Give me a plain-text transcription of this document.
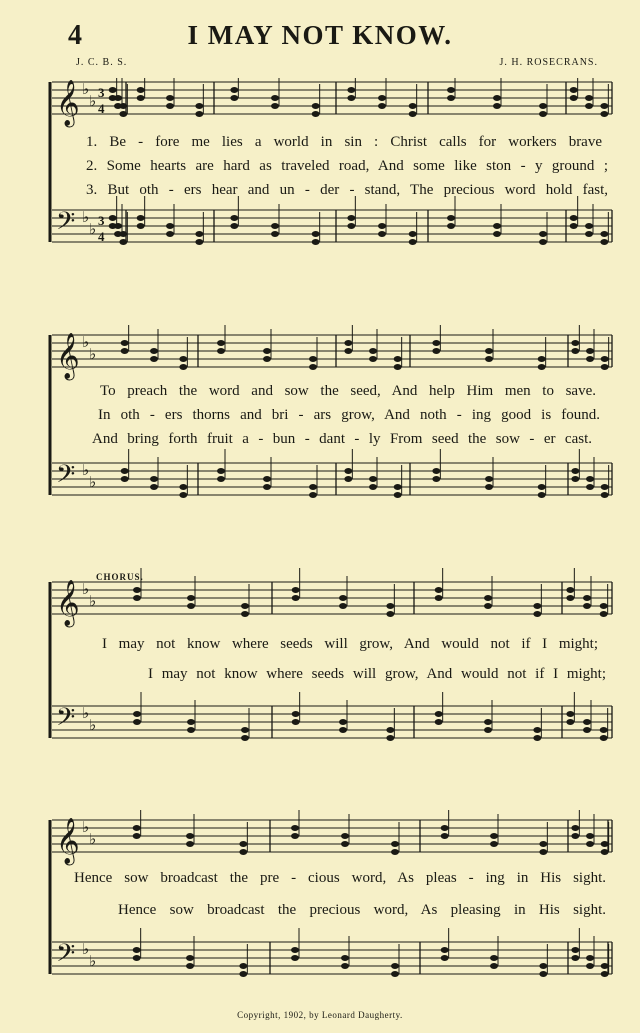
4	I MAY NOT KNOW.
J. C. B. S.	J. H. ROSECRANS.
𝄞 ♭
♭ 3
4
𝄢 ♭
♭ 3
4
1. Be - fore me lies a world in sin : Christ calls for workers brave
2. Some hearts are hard as traveled road, And some like ston - y ground ;
3. But oth - ers hear and un - der - stand, The precious word hold fast,
𝄞 ♭
♭
𝄢 ♭
♭
To preach the word and sow the seed, And help Him men to save.
In oth - ers thorns and bri - ars grow, And noth - ing good is found.
And bring forth fruit a - bun - dant - ly From seed the sow - er cast.
CHORUS.
𝄞 ♭
♭
𝄢 ♭
♭
I may not know where seeds will grow, And would not if I might;
I may not know where seeds will grow, And would not if I might;
𝄞 ♭
♭
𝄢 ♭
♭
Hence sow broadcast the pre - cious word, As pleas - ing in His sight.
Hence sow broadcast the precious word, As pleasing in His sight.
Copyright, 1902, by Leonard Daugherty.
